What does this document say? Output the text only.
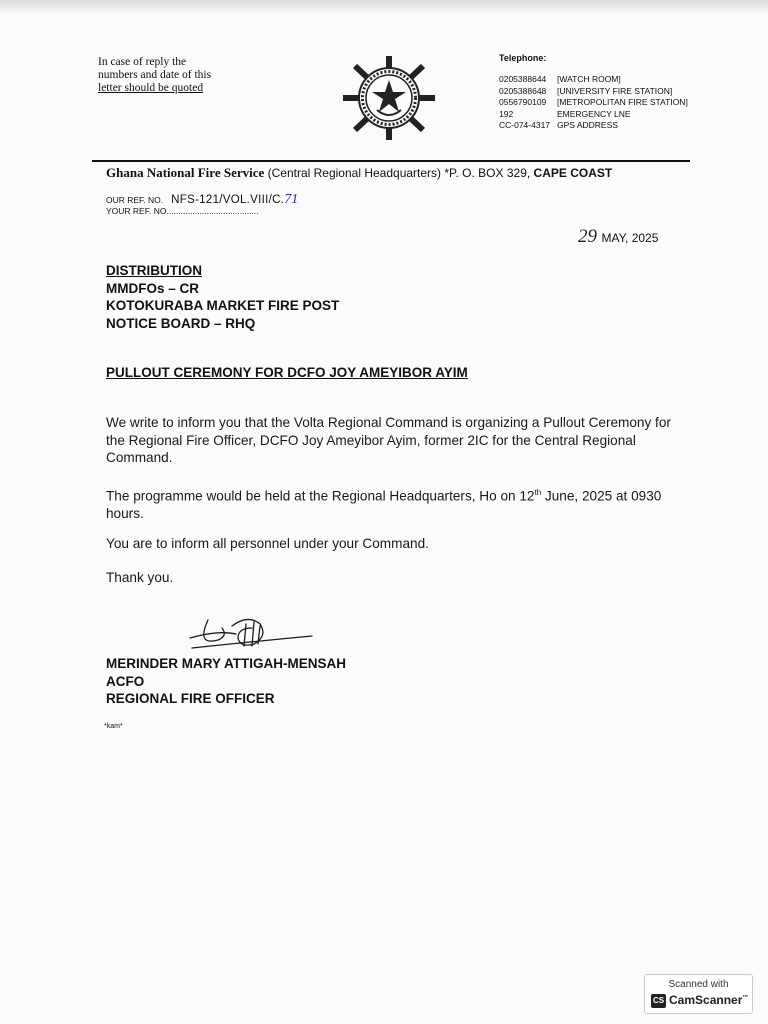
In case of reply the
numbers and date of this
letter should be quoted
Telephone:
0205388644 [WATCH ROOM]
0205388648 [UNIVERSITY FIRE STATION]
0556790109 [METROPOLITAN FIRE STATION]
192	EMERGENCY LNE
CC-074-4317 GPS ADDRESS
Ghana National Fire Service (Central Regional Headquarters) *P. O. BOX 329, CAPE COAST
OUR REF. NO. NFS-121/VOL.VIII/C.71
YOUR REF. NO.......................................
29 MAY, 2025
DISTRIBUTION
MMDFOs – CR
KOTOKURABA MARKET FIRE POST
NOTICE BOARD – RHQ
PULLOUT CEREMONY FOR DCFO JOY AMEYIBOR AYIM
We write to inform you that the Volta Regional Command is organizing a Pullout Ceremony for the Regional Fire Officer, DCFO Joy Ameyibor Ayim, former 2IC for the Central Regional Command.
The programme would be held at the Regional Headquarters, Ho on 12th June, 2025 at 0930 hours.
You are to inform all personnel under your Command.
Thank you.
MERINDER MARY ATTIGAH-MENSAH
ACFO
REGIONAL FIRE OFFICER
*kam*
Scanned with
CS CamScanner™
